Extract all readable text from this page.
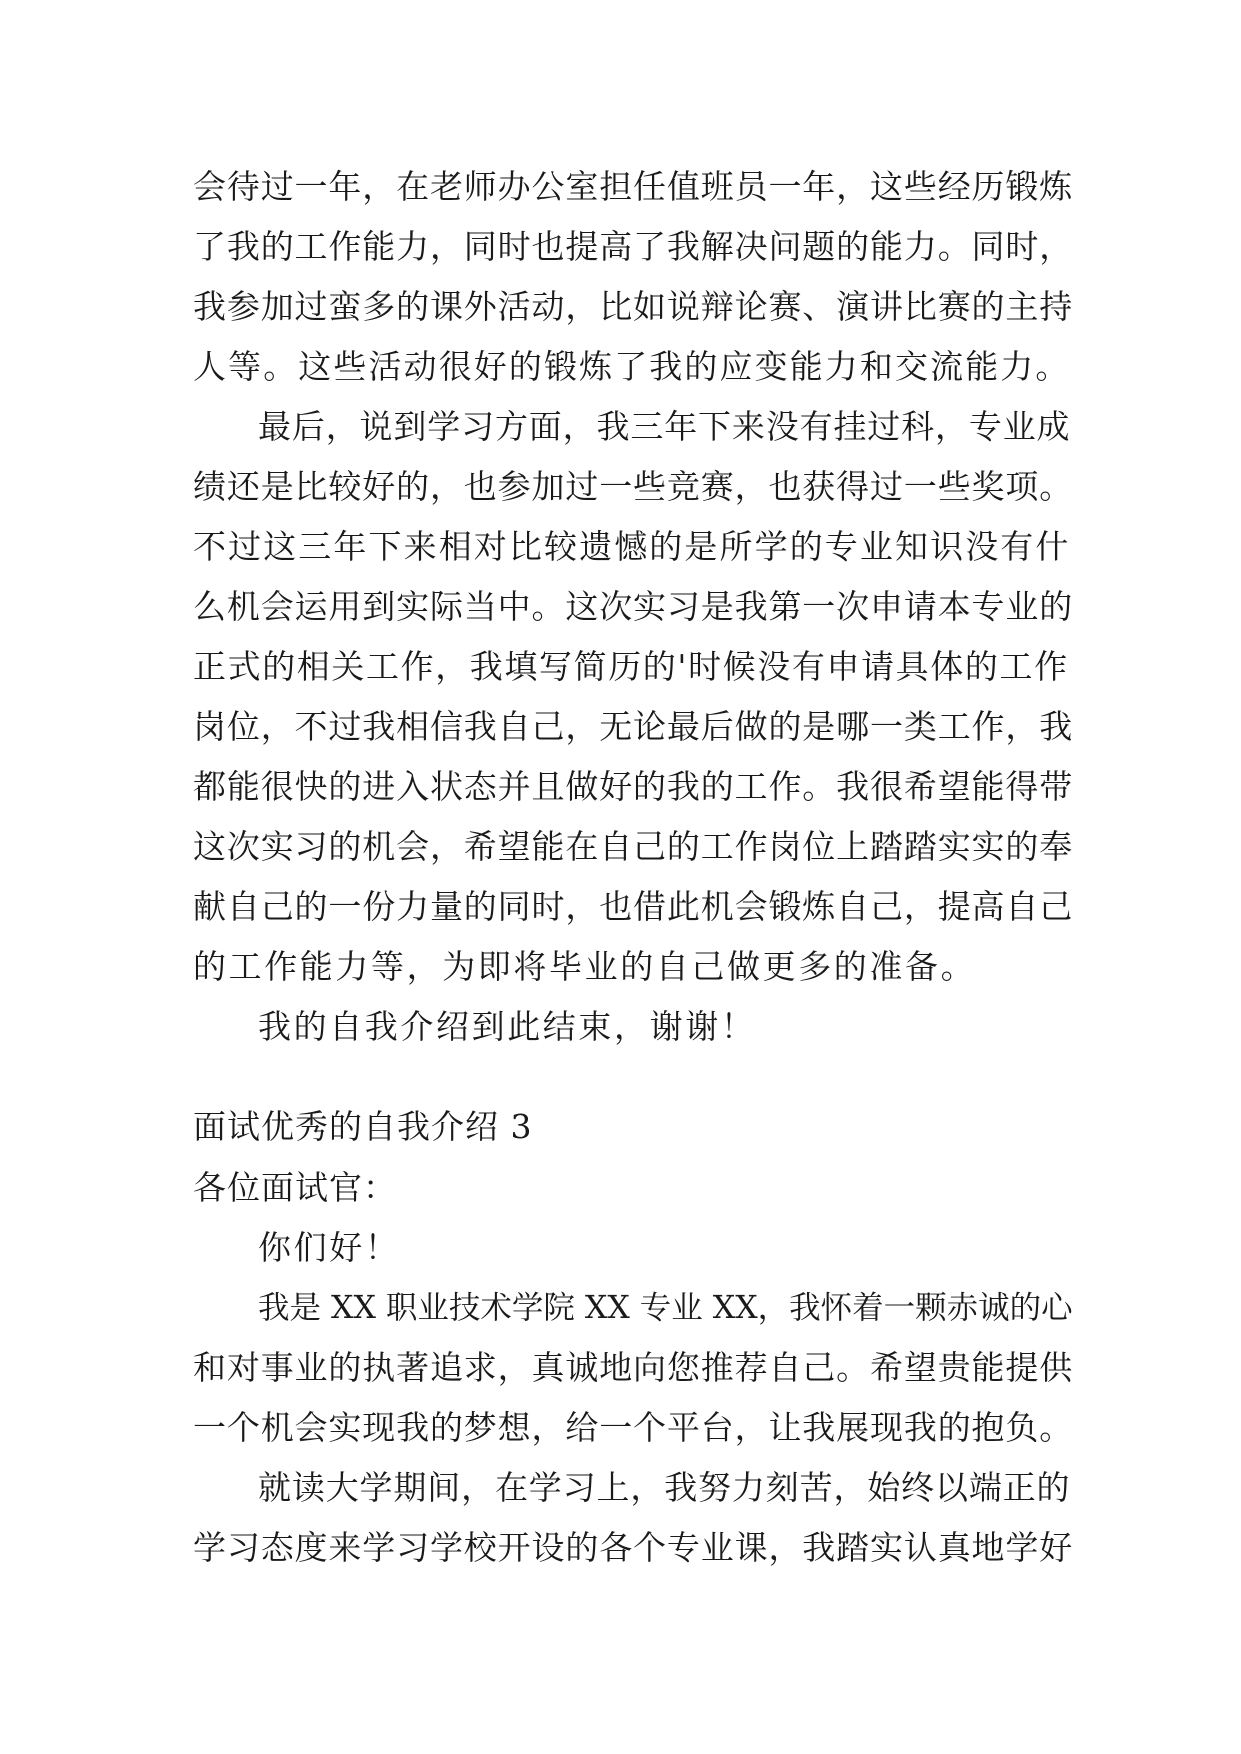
会待过一年，在老师办公室担任值班员一年，这些经历锻炼
了我的工作能力，同时也提高了我解决问题的能力。同时，
我参加过蛮多的课外活动，比如说辩论赛、演讲比赛的主持
人等。这些活动很好的锻炼了我的应变能力和交流能力。
最后，说到学习方面，我三年下来没有挂过科，专业成
绩还是比较好的，也参加过一些竞赛，也获得过一些奖项。
不过这三年下来相对比较遗憾的是所学的专业知识没有什
么机会运用到实际当中。这次实习是我第一次申请本专业的
正式的相关工作，我填写简历的'时候没有申请具体的工作
岗位，不过我相信我自己，无论最后做的是哪一类工作，我
都能很快的进入状态并且做好的我的工作。我很希望能得带
这次实习的机会，希望能在自己的工作岗位上踏踏实实的奉
献自己的一份力量的同时，也借此机会锻炼自己，提高自己
的工作能力等，为即将毕业的自己做更多的准备。
我的自我介绍到此结束，谢谢！
面试优秀的自我介绍 3
各位面试官：
你们好！
我是 XX 职业技术学院 XX 专业 XX，我怀着一颗赤诚的心
和对事业的执著追求，真诚地向您推荐自己。希望贵能提供
一个机会实现我的梦想，给一个平台，让我展现我的抱负。
就读大学期间，在学习上，我努力刻苦，始终以端正的
学习态度来学习学校开设的各个专业课，我踏实认真地学好
